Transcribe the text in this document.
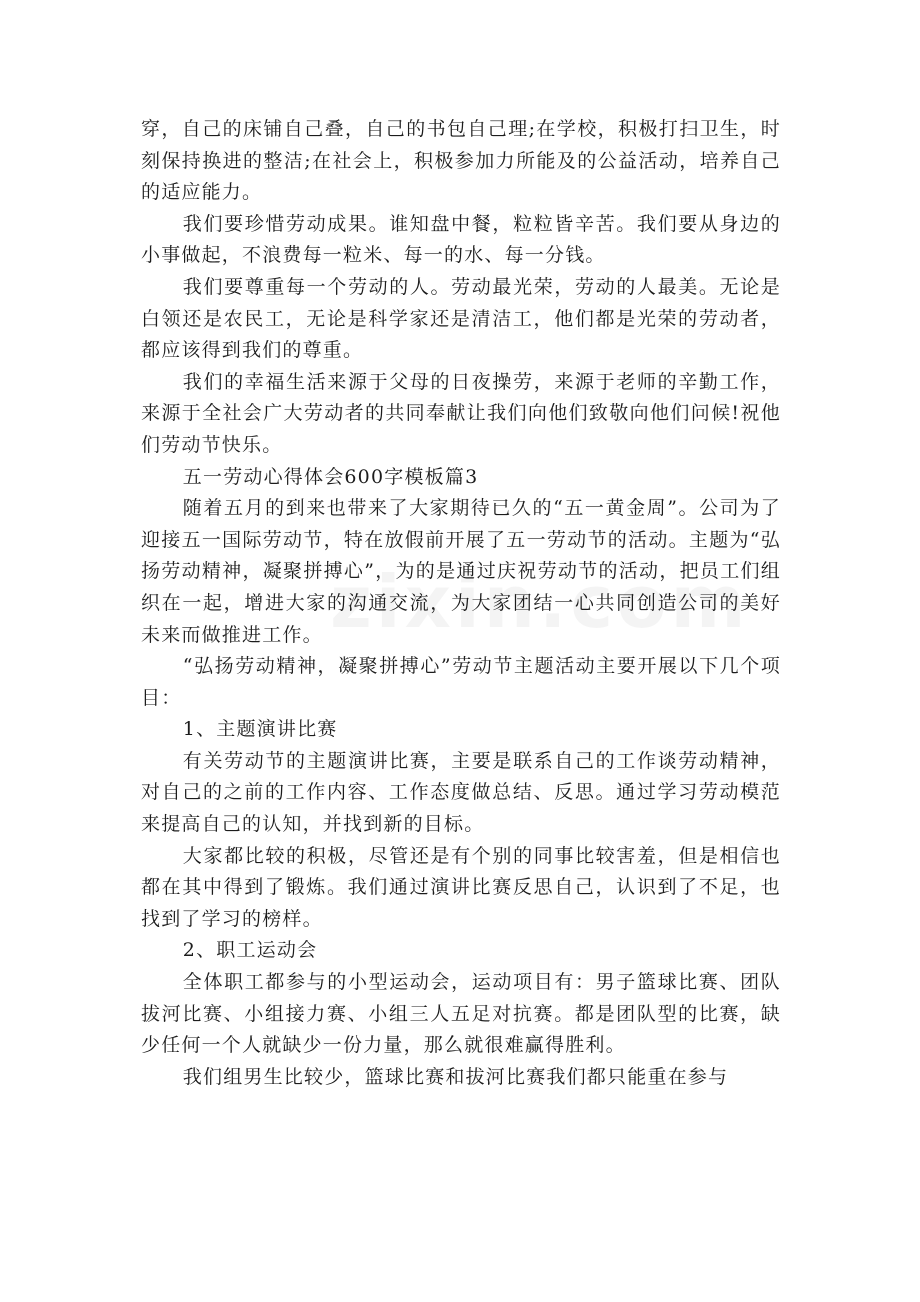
穿，自己的床铺自己叠，自己的书包自己理;在学校，积极打扫卫生，时刻保持换进的整洁;在社会上，积极参加力所能及的公益活动，培养自己的适应能力。

我们要珍惜劳动成果。谁知盘中餐，粒粒皆辛苦。我们要从身边的小事做起，不浪费每一粒米、每一的水、每一分钱。

我们要尊重每一个劳动的人。劳动最光荣，劳动的人最美。无论是白领还是农民工，无论是科学家还是清洁工，他们都是光荣的劳动者，都应该得到我们的尊重。

我们的幸福生活来源于父母的日夜操劳，来源于老师的辛勤工作，来源于全社会广大劳动者的共同奉献让我们向他们致敬向他们问候!祝他们劳动节快乐。

五一劳动心得体会600字模板篇3

随着五月的到来也带来了大家期待已久的“五一黄金周”。公司为了迎接五一国际劳动节，特在放假前开展了五一劳动节的活动。主题为“弘扬劳动精神，凝聚拼搏心”，为的是通过庆祝劳动节的活动，把员工们组织在一起，增进大家的沟通交流，为大家团结一心共同创造公司的美好未来而做推进工作。

“弘扬劳动精神，凝聚拼搏心”劳动节主题活动主要开展以下几个项目：

1、主题演讲比赛

有关劳动节的主题演讲比赛，主要是联系自己的工作谈劳动精神，对自己的之前的工作内容、工作态度做总结、反思。通过学习劳动模范来提高自己的认知，并找到新的目标。

大家都比较的积极，尽管还是有个别的同事比较害羞，但是相信也都在其中得到了锻炼。我们通过演讲比赛反思自己，认识到了不足，也找到了学习的榜样。

2、职工运动会

全体职工都参与的小型运动会，运动项目有：男子篮球比赛、团队拔河比赛、小组接力赛、小组三人五足对抗赛。都是团队型的比赛，缺少任何一个人就缺少一份力量，那么就很难赢得胜利。

我们组男生比较少，篮球比赛和拔河比赛我们都只能重在参与
